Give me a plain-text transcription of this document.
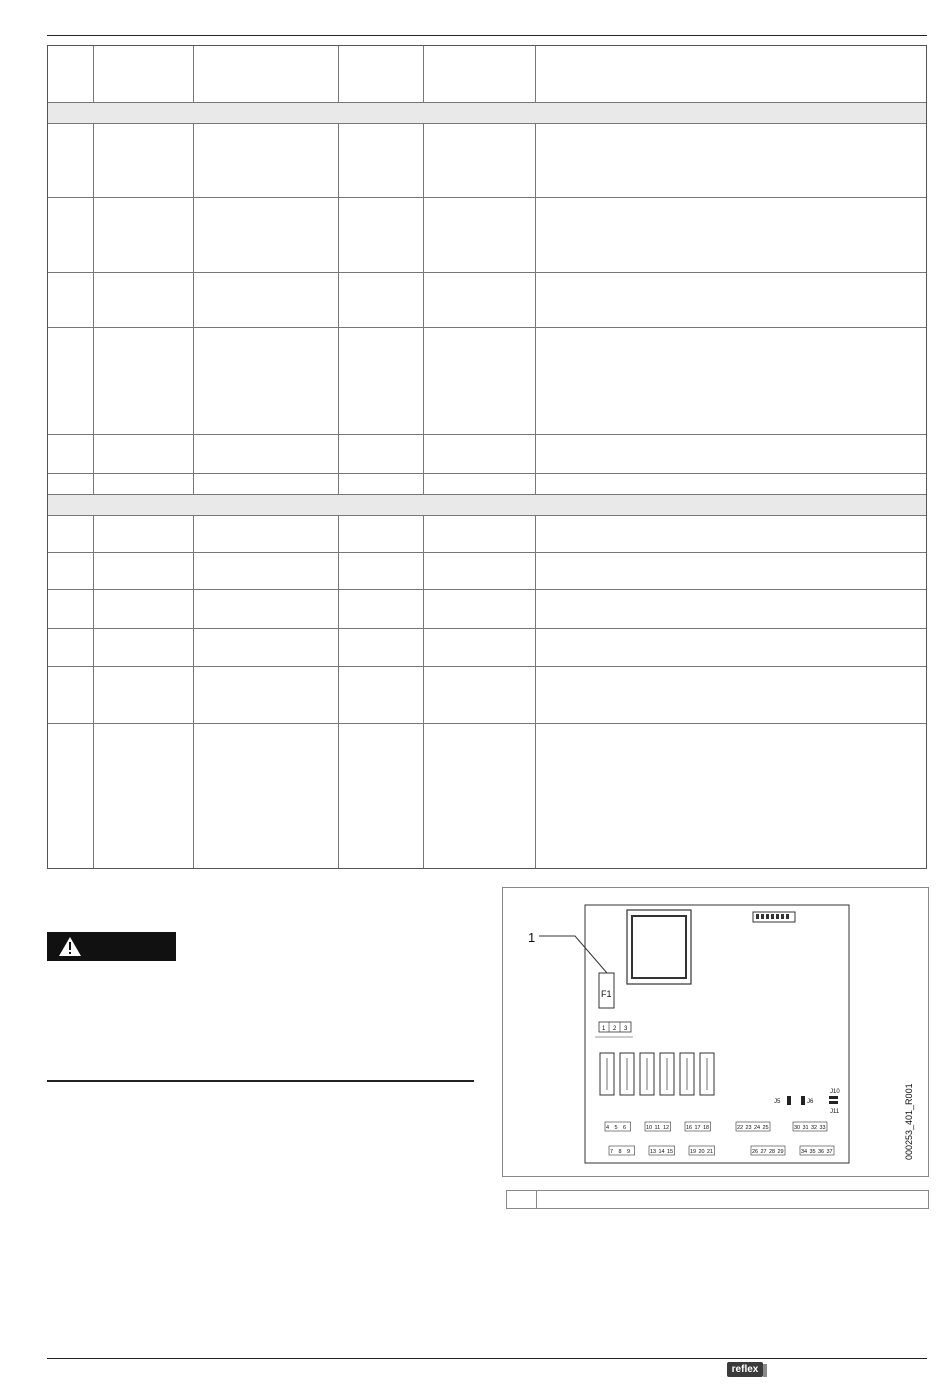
1
F1
1 2 3
J5	J6
J10
J11
4 5 6	10 11 12	16 17 18	22 23 24 25	30 31 32 33
7 8 9	13 14 15	19 20 21	26 27 28 29	34 35 36 37	000253_401_R001
reflex
